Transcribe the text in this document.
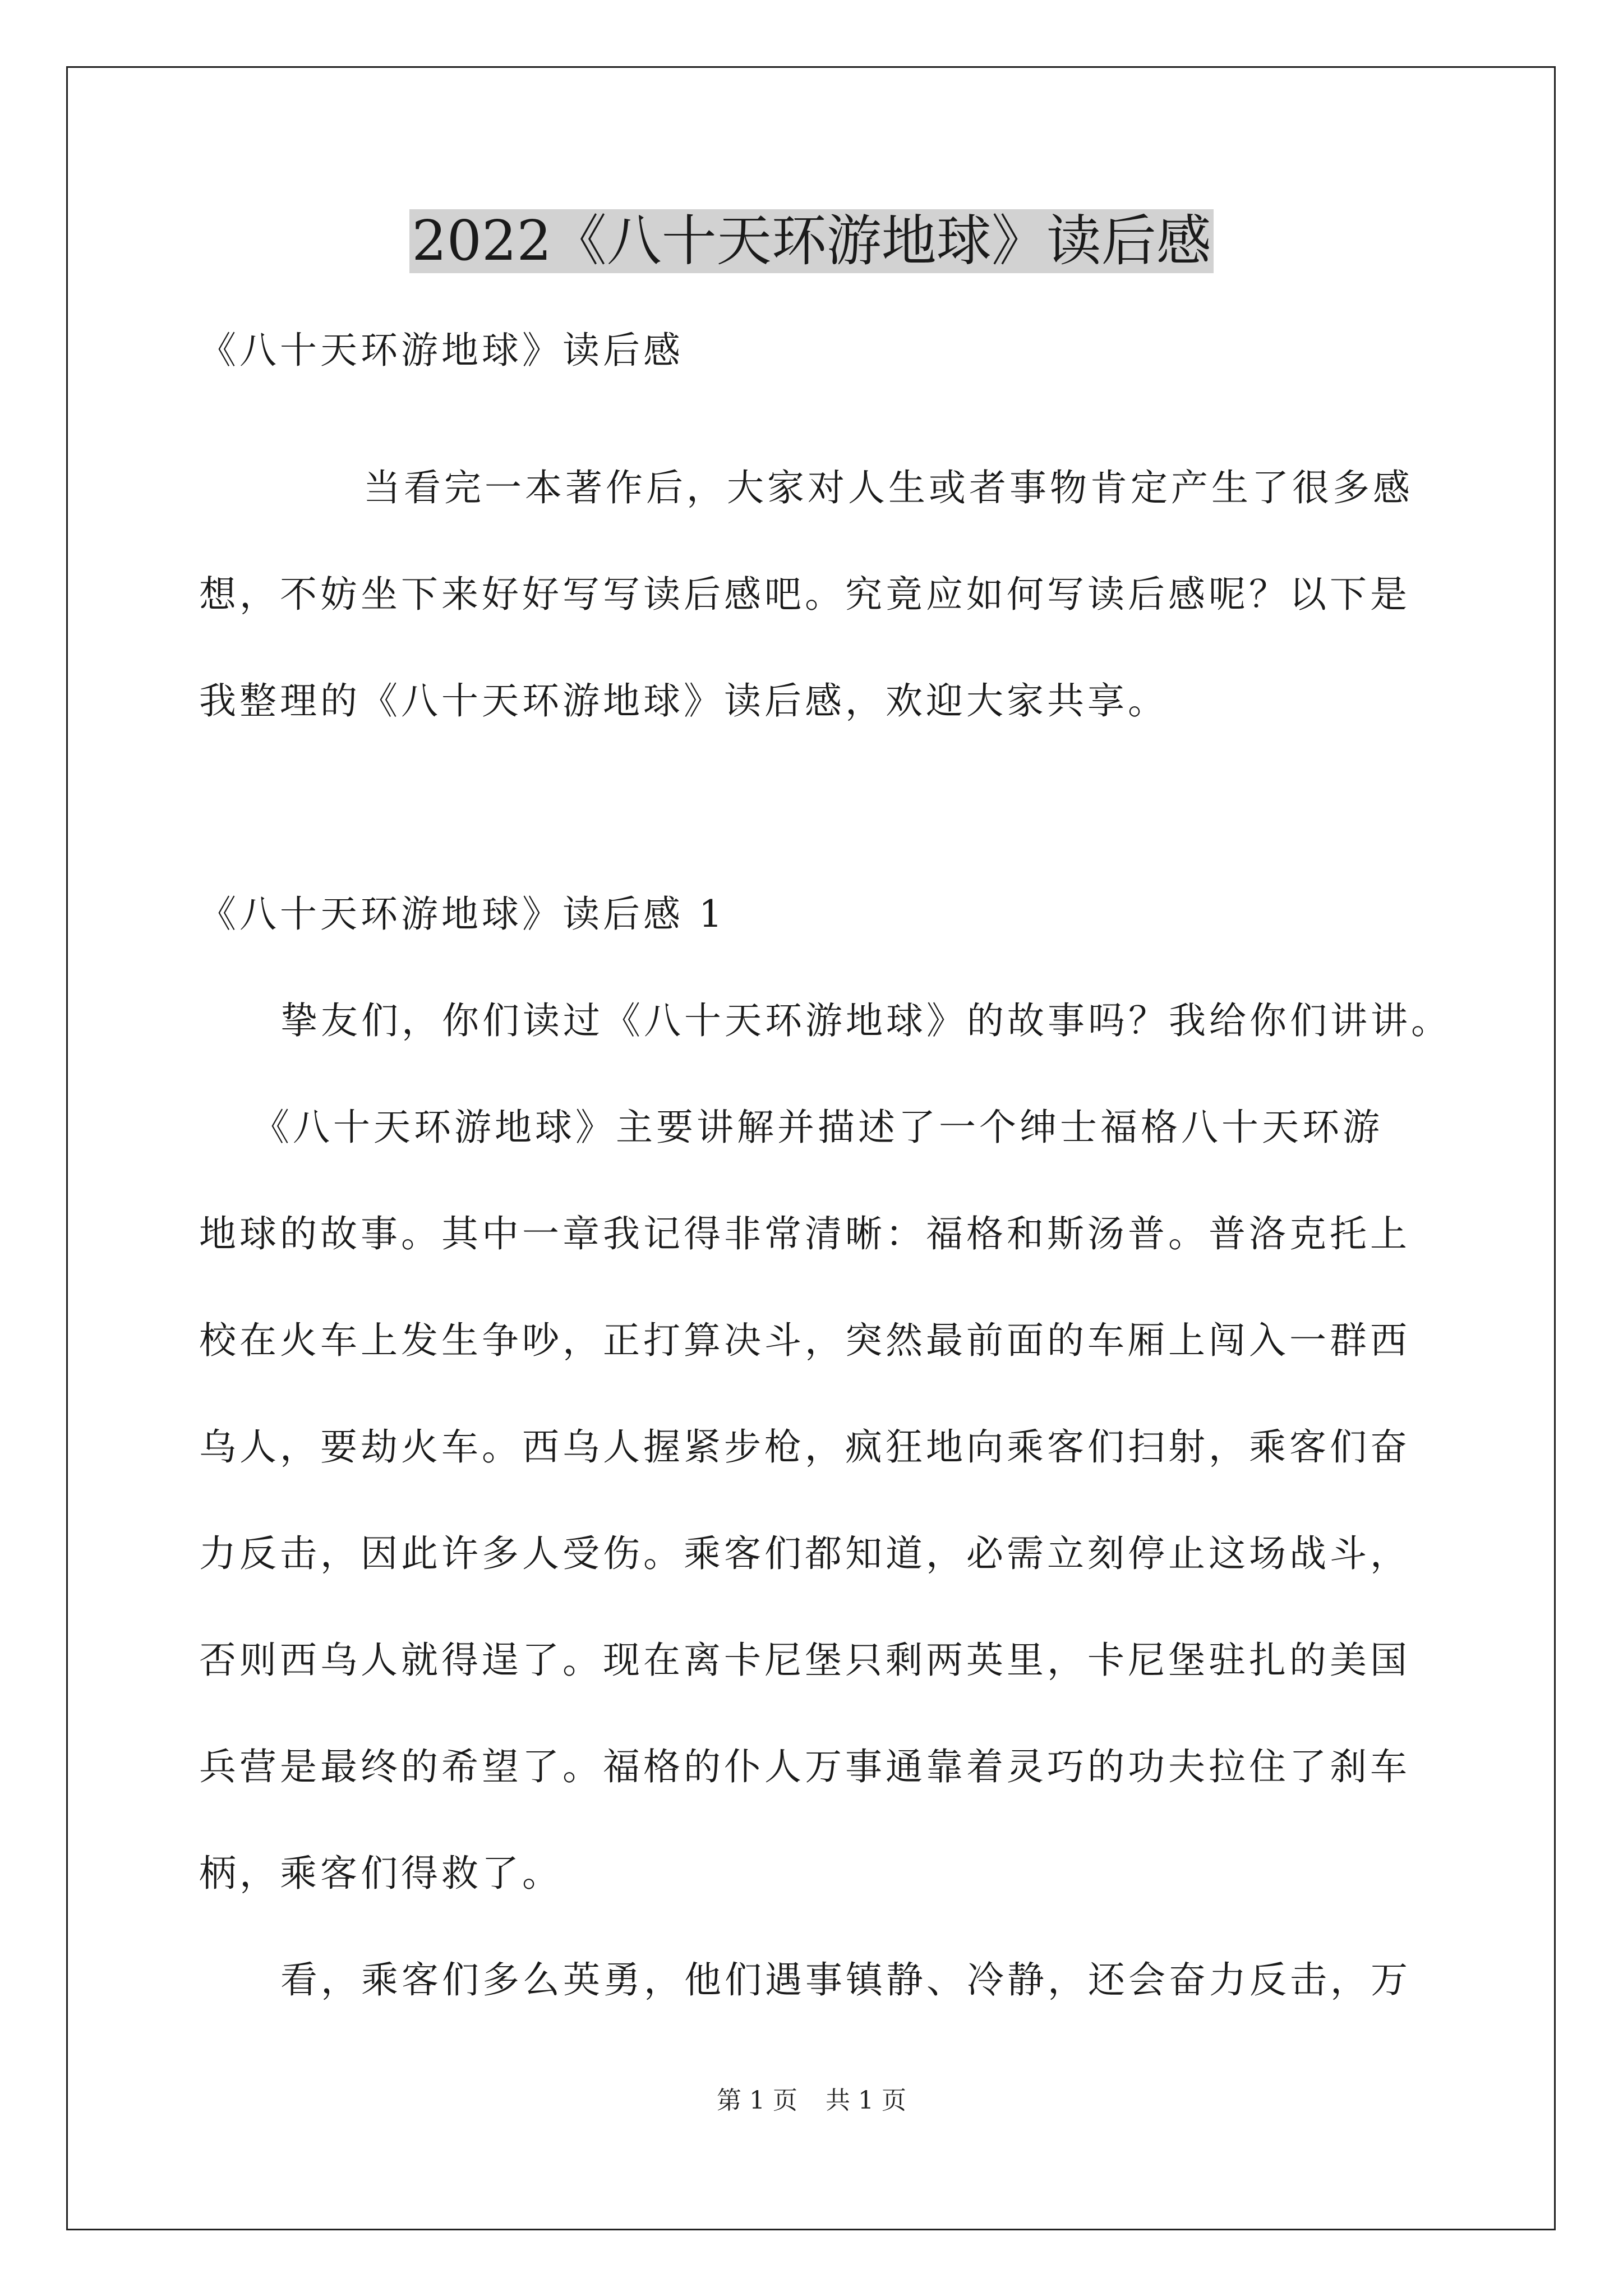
2022《八十天环游地球》读后感

《八十天环游地球》读后感

当看完一本著作后，大家对人生或者事物肯定产生了很多感

想，不妨坐下来好好写写读后感吧。究竟应如何写读后感呢？以下是

我整理的《八十天环游地球》读后感，欢迎大家共享。

《八十天环游地球》读后感 1

挚友们，你们读过《八十天环游地球》的故事吗？我给你们讲讲。

《八十天环游地球》主要讲解并描述了一个绅士福格八十天环游

地球的故事。其中一章我记得非常清晰：福格和斯汤普。普洛克托上

校在火车上发生争吵，正打算决斗，突然最前面的车厢上闯入一群西

乌人，要劫火车。西乌人握紧步枪，疯狂地向乘客们扫射，乘客们奋

力反击，因此许多人受伤。乘客们都知道，必需立刻停止这场战斗，

否则西乌人就得逞了。现在离卡尼堡只剩两英里，卡尼堡驻扎的美国

兵营是最终的希望了。福格的仆人万事通靠着灵巧的功夫拉住了刹车

柄，乘客们得救了。

看，乘客们多么英勇，他们遇事镇静、冷静，还会奋力反击，万

第 1 页 共 1 页
